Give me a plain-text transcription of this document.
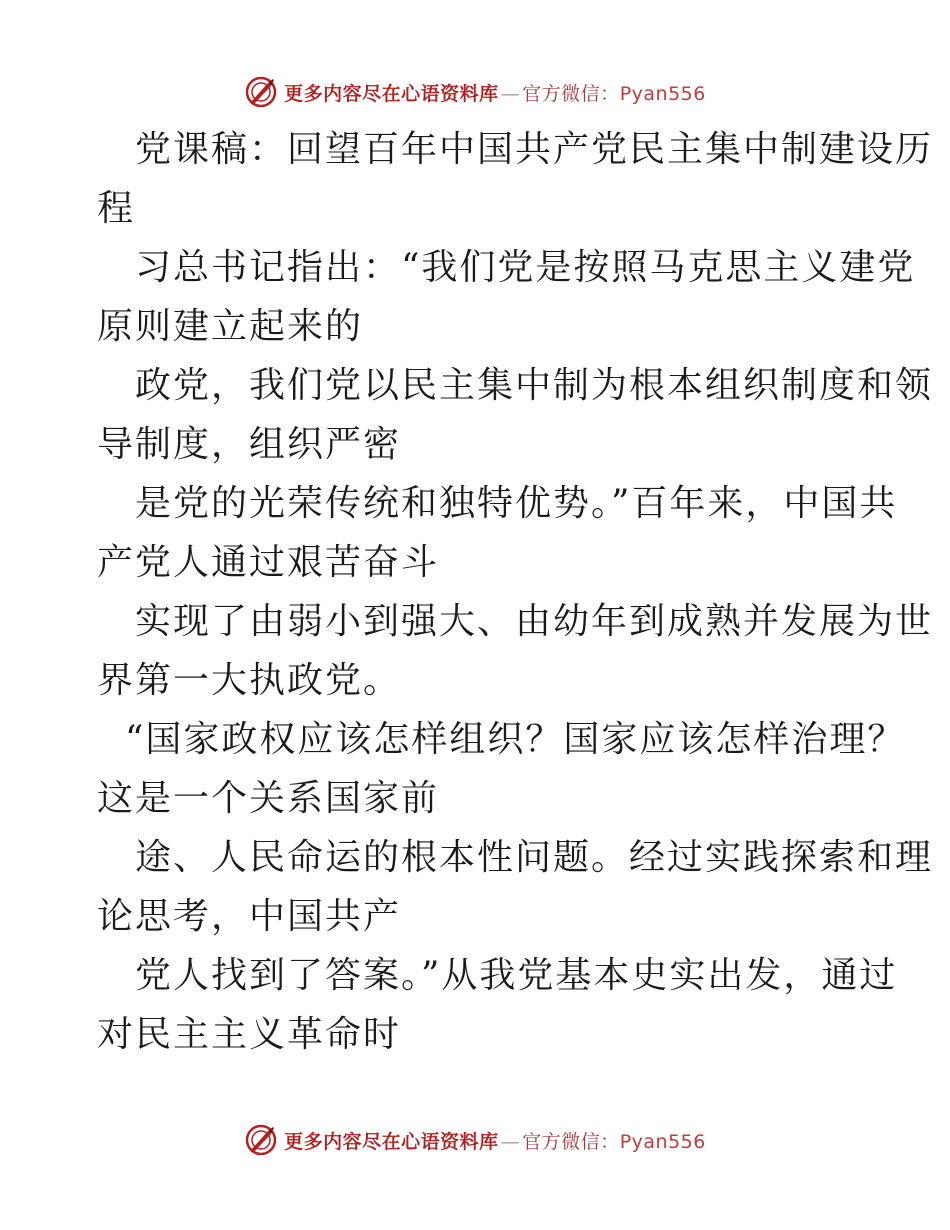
更多内容尽在心语资料库 — 官方微信：Pyan556

党课稿：回望百年中国共产党民主集中制建设历
程

习总书记指出：“我们党是按照马克思主义建党
原则建立起来的

政党，我们党以民主集中制为根本组织制度和领
导制度，组织严密

是党的光荣传统和独特优势。”百年来，中国共
产党人通过艰苦奋斗

实现了由弱小到强大、由幼年到成熟并发展为世
界第一大执政党。

“国家政权应该怎样组织？国家应该怎样治理？
这是一个关系国家前

途、人民命运的根本性问题。经过实践探索和理
论思考，中国共产

党人找到了答案。”从我党基本史实出发，通过
对民主主义革命时

更多内容尽在心语资料库 — 官方微信：Pyan556
